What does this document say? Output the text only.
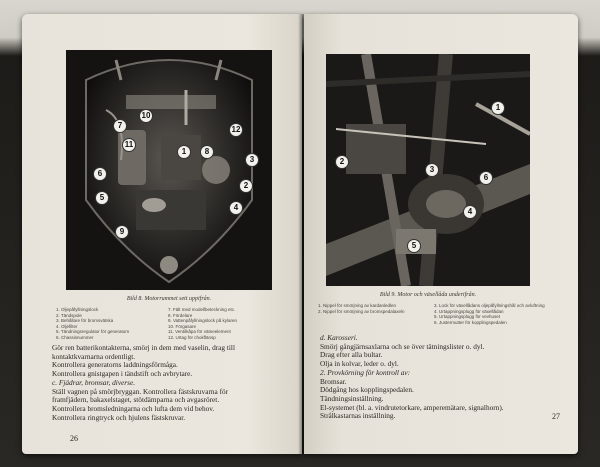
10
7
11
12
1	8
3
6
2
5
4
9
Bild 8. Motorrummet sett uppifrån.
1. Oljepåfyllningslock
2. Tändspole
3. Behållare för bromsvätska
4. Oljefilter
5. Tändningsregulator för generatorn
6. Chassisnummer
7. Fält med modellbeteckning etc.
8. Fördelare
9. Vattenpåfyllningslock på kylaren
10. Förgasare
11. Ventilkåpa för vätneelement
12. Urtag för chokflänsp
Gör ren batterikontakterna, smörj in dem med vaselin, drag till
kontaktkvarnarna ordentligt.
Kontrollera generatorns laddningsförmåga.
Kontrollera gnistgapen i tändstift och avbrytare.
c. Fjädrar, bromsar, diverse.
Ställ vagnen på smörjbryggan. Kontrollera fästskruvarna för
framfjädern, bakaxelstaget, stötdämparna och avgasröret.
Kontrollera bromsledningarna och lufta dem vid behov.
Kontrollera ringtryck och hjulens fästskruvar.
26
1
2
3
6
4
5
Bild 9. Motor och växellåda underifrån.
1. Nippel för smörjning av kardanledlen
2. Nippel för smörjning av bromspedalaxeln
3. Lock för växellådans oljepåfyllningshål och avluftning
4. Urtappningsplugg för växellådan
5. Urtappningsplugg för vevhuset
6. Justermutter för kopplingspedalen
d. Karosseri.
Smörj gångjärnsaxlarna och se över tätningslister o. dyl.
Drag efter alla bultar.
Olja in kolvar, leder o. dyl.
2. Provkörning för kontroll av:
Bromsar.
Dödgång hos kopplingspedalen.
Tändningsinställning.
El-systemet (bl. a. vindrutetorkare, amperemätare, signalhorn).
Strålkastarnas inställning.	27
